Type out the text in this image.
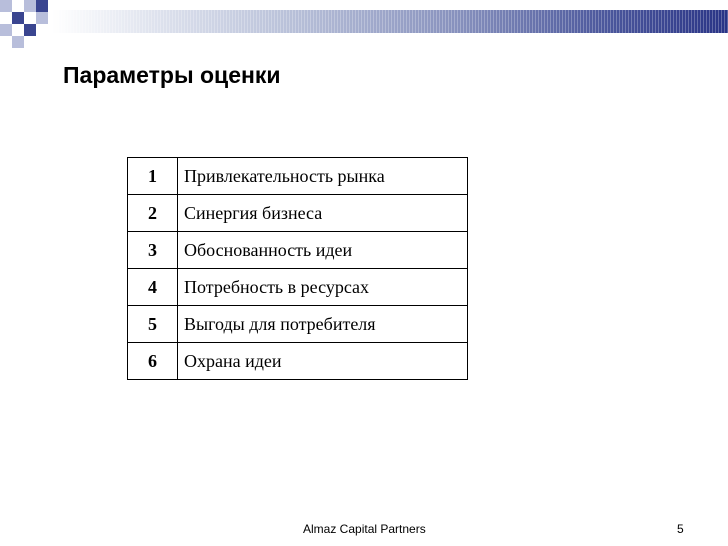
Параметры оценки
1	Привлекательность рынка
2	Синергия бизнеса
3	Обоснованность идеи
4	Потребность в ресурсах
5	Выгоды для потребителя
6	Охрана идеи
Almaz Capital Partners	5
